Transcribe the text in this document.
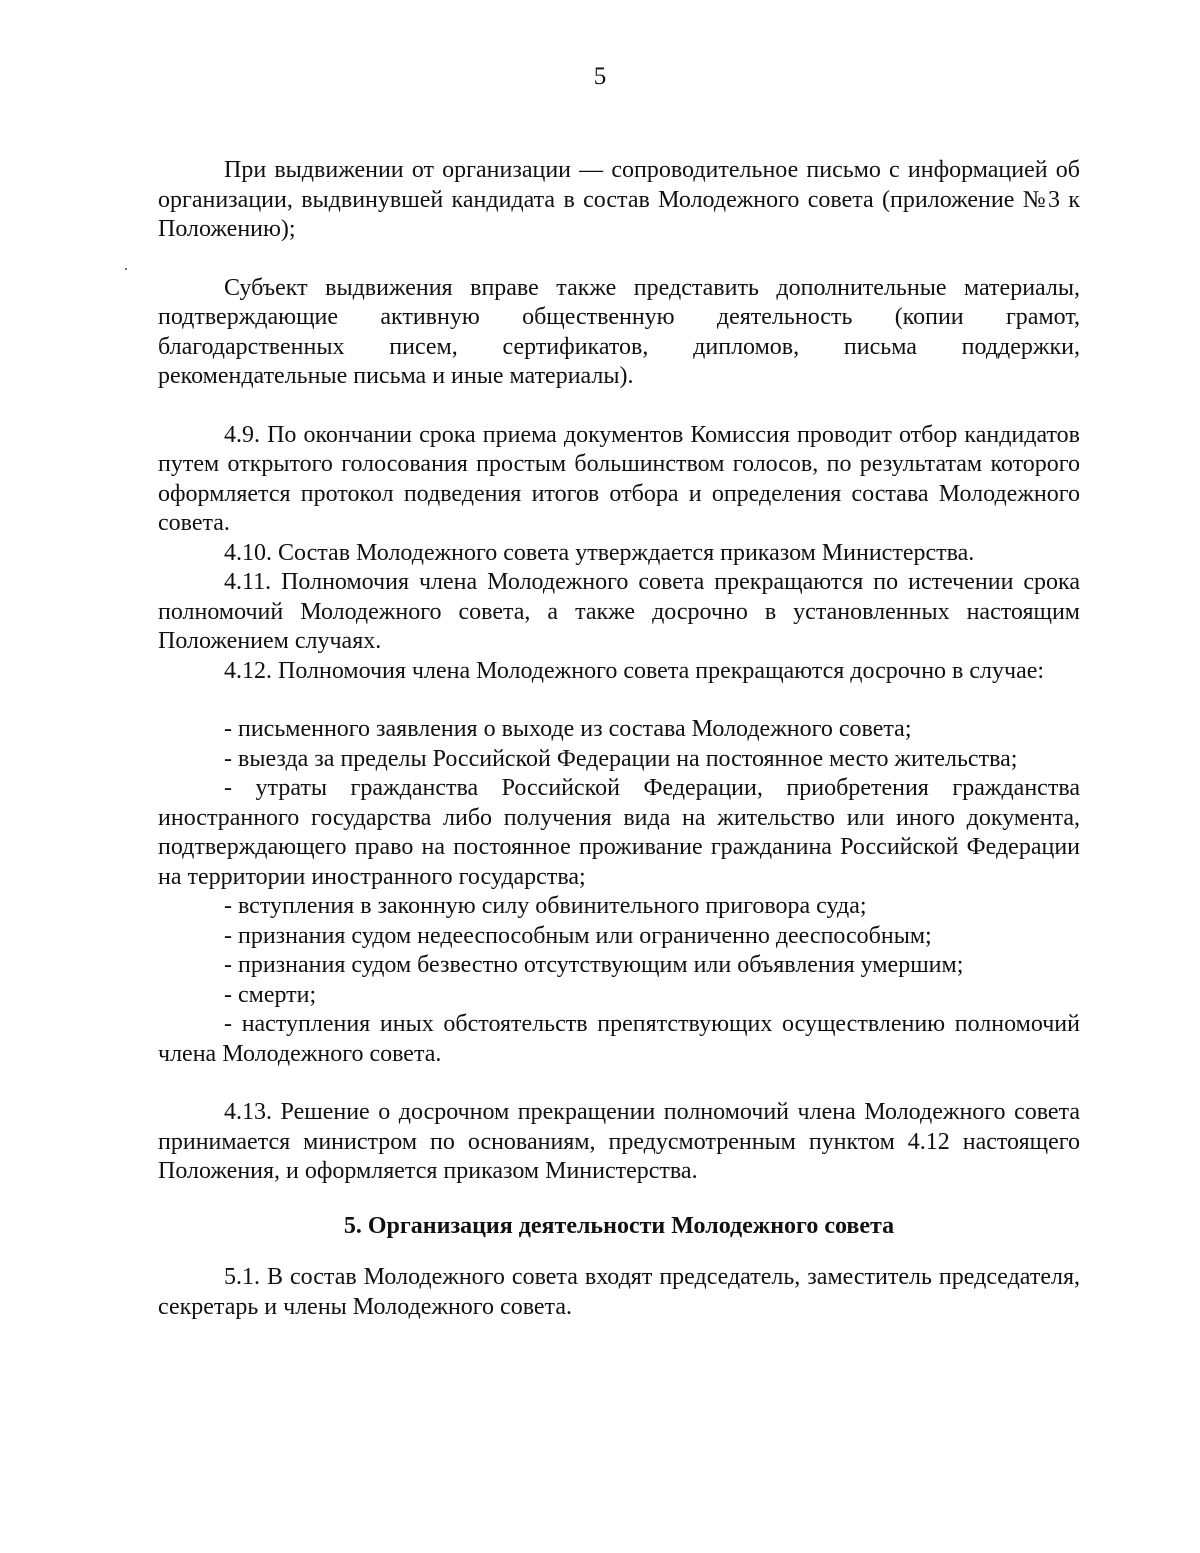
5

При выдвижении от организации — сопроводительное письмо с информацией об организации, выдвинувшей кандидата в состав Молодежного совета (приложение №3 к Положению);

Субъект выдвижения вправе также представить дополнительные материалы, подтверждающие активную общественную деятельность (копии грамот, благодарственных писем, сертификатов, дипломов, письма поддержки, рекомендательные письма и иные материалы).

4.9. По окончании срока приема документов Комиссия проводит отбор кандидатов путем открытого голосования простым большинством голосов, по результатам которого оформляется протокол подведения итогов отбора и определения состава Молодежного совета.

4.10. Состав Молодежного совета утверждается приказом Министерства.

4.11. Полномочия члена Молодежного совета прекращаются по истечении срока полномочий Молодежного совета, а также досрочно в установленных настоящим Положением случаях.

4.12. Полномочия члена Молодежного совета прекращаются досрочно в случае:

- письменного заявления о выходе из состава Молодежного совета;

- выезда за пределы Российской Федерации на постоянное место жительства;

- утраты гражданства Российской Федерации, приобретения гражданства иностранного государства либо получения вида на жительство или иного документа, подтверждающего право на постоянное проживание гражданина Российской Федерации на территории иностранного государства;

- вступления в законную силу обвинительного приговора суда;

- признания судом недееспособным или ограниченно дееспособным;

- признания судом безвестно отсутствующим или объявления умершим;

- смерти;

- наступления иных обстоятельств препятствующих осуществлению полномочий члена Молодежного совета.

4.13. Решение о досрочном прекращении полномочий члена Молодежного совета принимается министром по основаниям, предусмотренным пунктом 4.12 настоящего Положения, и оформляется приказом Министерства.

5. Организация деятельности Молодежного совета

5.1. В состав Молодежного совета входят председатель, заместитель председателя, секретарь и члены Молодежного совета.
